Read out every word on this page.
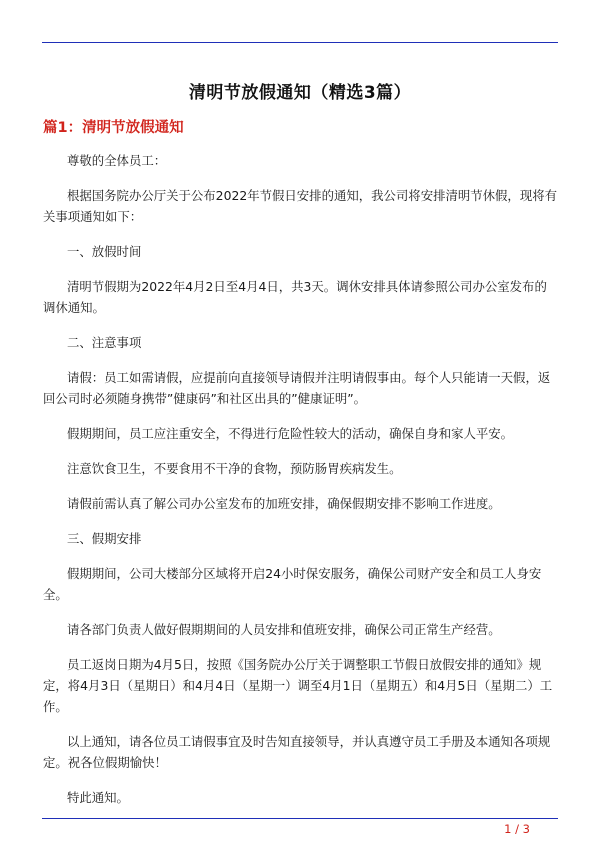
清明节放假通知（精选3篇）
篇1：清明节放假通知

尊敬的全体员工：

根据国务院办公厅关于公布2022年节假日安排的通知，我公司将安排清明节休假，现将有关事项通知如下：

一、放假时间

清明节假期为2022年4月2日至4月4日，共3天。调休安排具体请参照公司办公室发布的调休通知。

二、注意事项

请假：员工如需请假，应提前向直接领导请假并注明请假事由。每个人只能请一天假，返回公司时必须随身携带”健康码”和社区出具的”健康证明”。

假期期间，员工应注重安全，不得进行危险性较大的活动，确保自身和家人平安。

注意饮食卫生，不要食用不干净的食物，预防肠胃疾病发生。

请假前需认真了解公司办公室发布的加班安排，确保假期安排不影响工作进度。

三、假期安排

假期期间，公司大楼部分区域将开启24小时保安服务，确保公司财产安全和员工人身安全。

请各部门负责人做好假期期间的人员安排和值班安排，确保公司正常生产经营。

员工返岗日期为4月5日，按照《国务院办公厅关于调整职工节假日放假安排的通知》规定，将4月3日（星期日）和4月4日（星期一）调至4月1日（星期五）和4月5日（星期二）工作。

以上通知，请各位员工请假事宜及时告知直接领导，并认真遵守员工手册及本通知各项规定。祝各位假期愉快！

特此通知。

1 / 3
